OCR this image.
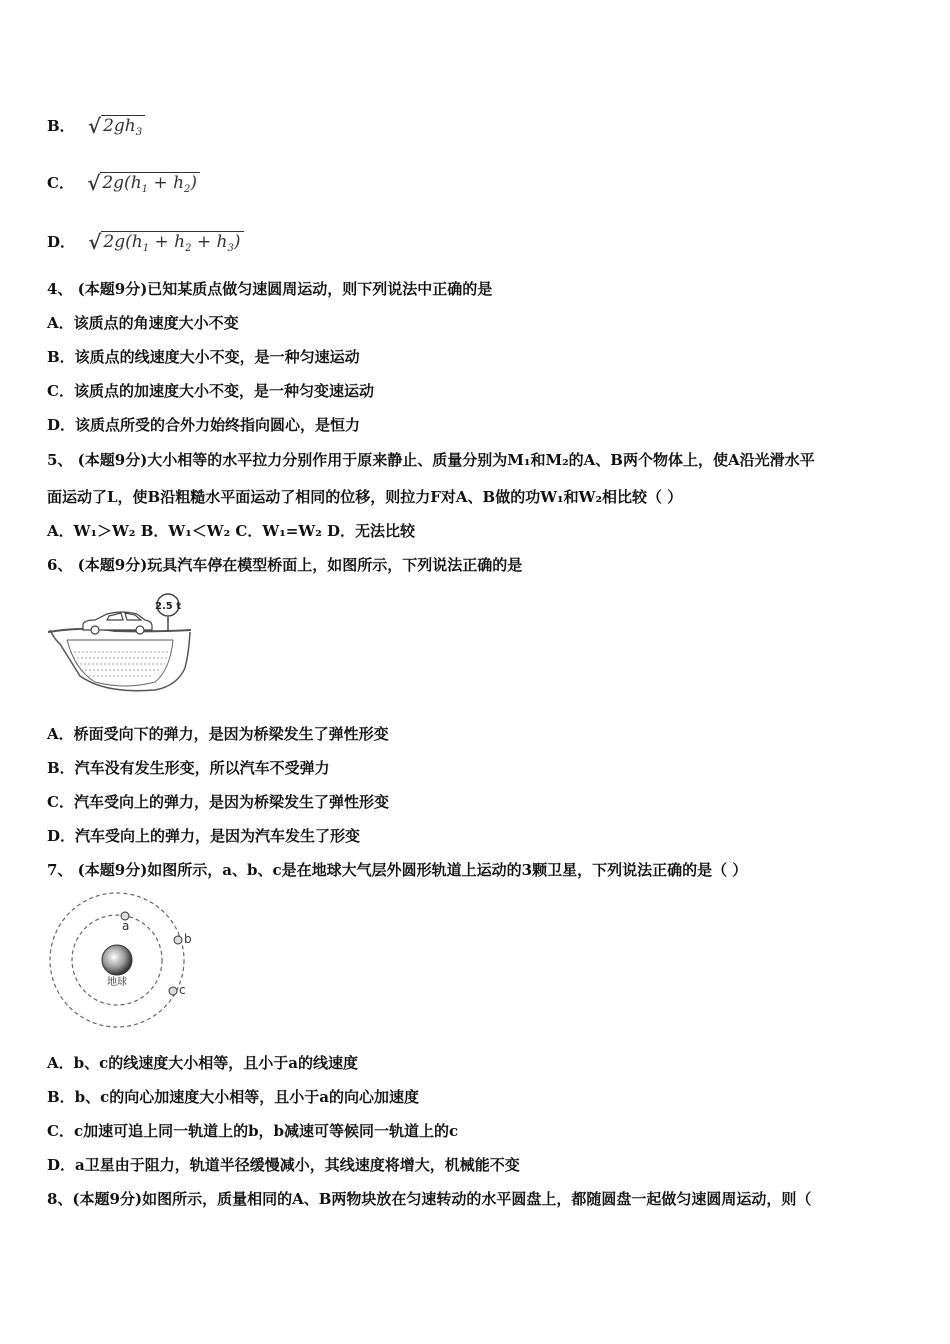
B． √ $2gh_3$
C． √ $2g(h_1 + h_2)$
D． √ $2g(h_1 + h_2 + h_3)$
4、 (本题9分)已知某质点做匀速圆周运动，则下列说法中正确的是
A．该质点的角速度大小不变
B．该质点的线速度大小不变，是一种匀速运动
C．该质点的加速度大小不变，是一种匀变速运动
D．该质点所受的合外力始终指向圆心，是恒力
5、 (本题9分)大小相等的水平拉力分别作用于原来静止、质量分别为M₁和M₂的A、B两个物体上，使A沿光滑水平
面运动了L，使B沿粗糙水平面运动了相同的位移，则拉力F对A、B做的功W₁和W₂相比较（ ）
A．W₁＞W₂ B．W₁＜W₂ C．W₁=W₂ D．无法比较
6、 (本题9分)玩具汽车停在模型桥面上，如图所示，下列说法正确的是
2.5 t
A．桥面受向下的弹力，是因为桥梁发生了弹性形变
B．汽车没有发生形变，所以汽车不受弹力
C．汽车受向上的弹力，是因为桥梁发生了弹性形变
D．汽车受向上的弹力，是因为汽车发生了形变
7、 (本题9分)如图所示，a、b、c是在地球大气层外圆形轨道上运动的3颗卫星，下列说法正确的是（ ）
地球
a
b
c
A．b、c的线速度大小相等，且小于a的线速度
B．b、c的向心加速度大小相等，且小于a的向心加速度
C．c加速可追上同一轨道上的b，b减速可等候同一轨道上的c
D．a卫星由于阻力，轨道半径缓慢减小，其线速度将增大，机械能不变
8、(本题9分)如图所示，质量相同的A、B两物块放在匀速转动的水平圆盘上，都随圆盘一起做匀速圆周运动，则（
